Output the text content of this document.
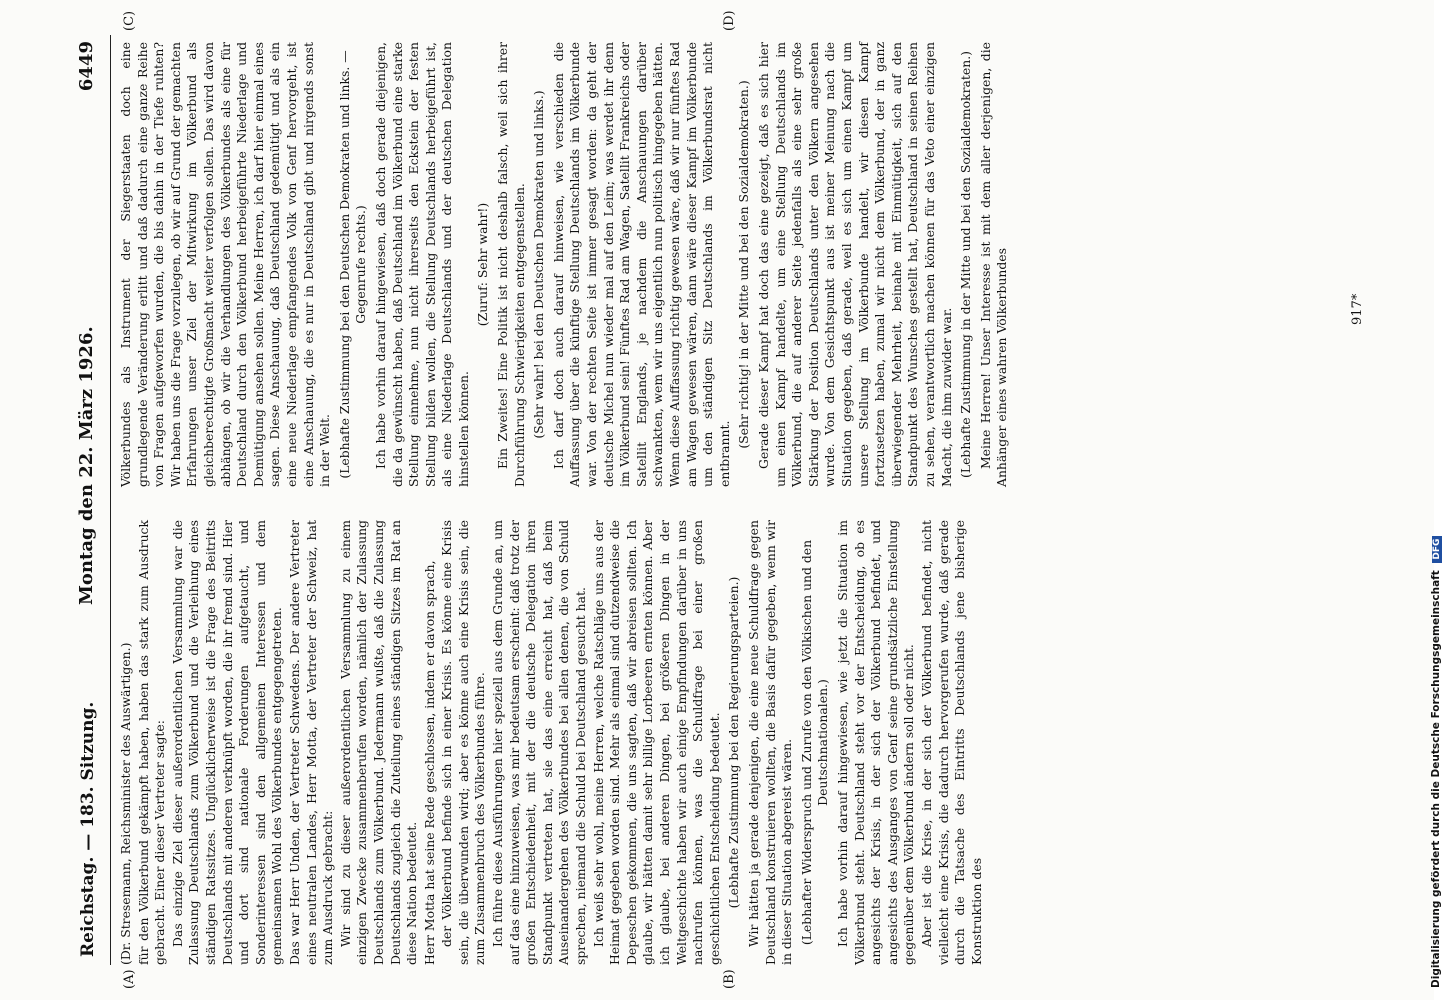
Reichstag. — 183. Sitzung.
Montag den 22. März 1926.
6449
(A)	(B)
(C)	(D)

(Dr. Stresemann, Reichsminister des Auswärtigen.) für den Völkerbund gekämpft haben, haben das stark zum Ausdruck gebracht. Einer dieser Vertreter sagte: Das einzige Ziel dieser außerordentlichen Versammlung war die Zulassung Deutschlands zum Völkerbund und die Verleihung eines ständigen Ratssitzes. Unglücklicherweise ist die Frage des Beitritts Deutschlands mit anderen verknüpft worden, die ihr fremd sind. Hier und dort sind nationale Forderungen aufgetaucht, und Sonderinteressen sind den allgemeinen Interessen und dem gemeinsamen Wohl des Völkerbundes entgegengetreten. Das war Herr Unden, der Vertreter Schwedens. Der andere Vertreter eines neutralen Landes, Herr Motta, der Vertreter der Schweiz, hat zum Ausdruck gebracht: Wir sind zu dieser außerordentlichen Versammlung zu einem einzigen Zwecke zusammenberufen worden, nämlich der Zulassung Deutschlands zum Völkerbund. Jedermann wußte, daß die Zulassung Deutschlands zugleich die Zuteilung eines ständigen Sitzes im Rat an diese Nation bedeutet. Herr Motta hat seine Rede geschlossen, indem er davon sprach, der Völkerbund befinde sich in einer Krisis. Es könne eine Krisis sein, die überwunden wird; aber es könne auch eine Krisis sein, die zum Zusammenbruch des Völkerbundes führe. Ich führe diese Ausführungen hier speziell aus dem Grunde an, um auf das eine hinzuweisen, was mir bedeutsam erscheint: daß trotz der großen Entschiedenheit, mit der die deutsche Delegation ihren Standpunkt vertreten hat, sie das eine erreicht hat, daß beim Auseinandergehen des Völkerbundes bei allen denen, die von Schuld sprechen, niemand die Schuld bei Deutschland gesucht hat. Ich weiß sehr wohl, meine Herren, welche Ratschläge uns aus der Heimat gegeben worden sind. Mehr als einmal sind dutzendweise die Depeschen gekommen, die uns sagten, daß wir abreisen sollten. Ich glaube, wir hätten damit sehr billige Lorbeeren ernten können. Aber ich glaube, bei anderen Dingen, bei größeren Dingen in der Weltgeschichte haben wir auch einige Empfindungen darüber in uns nachrufen können, was die Schuldfrage bei einer großen geschichtlichen Entscheidung bedeutet. (Lebhafte Zustimmung bei den Regierungsparteien.) Wir hätten ja gerade denjenigen, die eine neue Schuldfrage gegen Deutschland konstruieren wollten, die Basis dafür gegeben, wenn wir in dieser Situation abgereist wären. (Lebhafter Widerspruch und Zurufe von den Völkischen und den Deutschnationalen.) Ich habe vorhin darauf hingewiesen, wie jetzt die Situation im Völkerbund steht. Deutschland steht vor der Entscheidung, ob es angesichts der Krisis, in der sich der Völkerbund befindet, und angesichts des Ausganges von Genf seine grundsätzliche Einstellung gegenüber dem Völkerbund ändern soll oder nicht. Aber ist die Krise, in der sich der Völkerbund befindet, nicht vielleicht eine Krisis, die dadurch hervorgerufen wurde, daß gerade durch die Tatsache des Eintritts Deutschlands jene bisherige Konstruktion des

Völkerbundes als Instrument der Siegerstaaten doch eine grundlegende Veränderung erlitt und daß dadurch eine ganze Reihe von Fragen aufgeworfen wurden, die bis dahin in der Tiefe ruhten? Wir haben uns die Frage vorzulegen, ob wir auf Grund der gemachten Erfahrungen unser Ziel der Mitwirkung im Völkerbund als gleichberechtigte Großmacht weiter verfolgen sollen. Das wird davon abhängen, ob wir die Verhandlungen des Völkerbundes als eine für Deutschland durch den Völkerbund herbeigeführte Niederlage und Demütigung ansehen sollen. Meine Herren, ich darf hier einmal eines sagen. Diese Anschauung, daß Deutschland gedemütigt und als ein eine neue Niederlage empfangendes Volk von Genf hervorgeht, ist eine Anschauung, die es nur in Deutschland gibt und nirgends sonst in der Welt. (Lebhafte Zustimmung bei den Deutschen Demokraten und links. — Gegenrufe rechts.) Ich habe vorhin darauf hingewiesen, daß doch gerade diejenigen, die da gewünscht haben, daß Deutschland im Völkerbund eine starke Stellung einnehme, nun nicht ihrerseits den Eckstein der festen Stellung bilden wollen, die Stellung Deutschlands herbeigeführt ist, als eine Niederlage Deutschlands und der deutschen Delegation hinstellen können.

(Zuruf: Sehr wahr!) Ein Zweites! Eine Politik ist nicht deshalb falsch, weil sich ihrer Durchführung Schwierigkeiten entgegenstellen. (Sehr wahr! bei den Deutschen Demokraten und links.) Ich darf doch auch darauf hinweisen, wie verschieden die Auffassung über die künftige Stellung Deutschlands im Völkerbunde war. Von der rechten Seite ist immer gesagt worden: da geht der deutsche Michel nun wieder mal auf den Leim; was werdet ihr denn im Völkerbund sein! Fünftes Rad am Wagen, Satellit Frankreichs oder Satellit Englands, je nachdem die Anschauungen darüber schwankten, wem wir uns eigentlich nun politisch hingegeben hätten. Wenn diese Auffassung richtig gewesen wäre, daß wir nur fünftes Rad am Wagen gewesen wären, dann wäre dieser Kampf im Völkerbunde um den ständigen Sitz Deutschlands im Völkerbundsrat nicht entbrannt.

(Sehr richtig! in der Mitte und bei den Sozialdemokraten.) Gerade dieser Kampf hat doch das eine gezeigt, daß es sich hier um einen Kampf handelte, um eine Stellung Deutschlands im Völkerbund, die auf anderer Seite jedenfalls als eine sehr große Stärkung der Position Deutschlands unter den Völkern angesehen wurde. Von dem Gesichtspunkt aus ist meiner Meinung nach die Situation gegeben, daß gerade, weil es sich um einen Kampf um unsere Stellung im Völkerbunde handelt, wir diesen Kampf fortzusetzen haben, zumal wir nicht dem Völkerbund, der in ganz überwiegender Mehrheit, beinahe mit Einmütigkeit, sich auf den Standpunkt des Wunsches gestellt hat, Deutschland in seinen Reihen zu sehen, verantwortlich machen können für das Veto einer einzigen Macht, die ihm zuwider war. (Lebhafte Zustimmung in der Mitte und bei den Sozialdemokraten.) Meine Herren! Unser Interesse ist mit dem aller derjenigen, die Anhänger eines wahren Völkerbundes	917*
Digitalisierung gefördert durch die Deutsche Forschungsgemeinschaft DFG
